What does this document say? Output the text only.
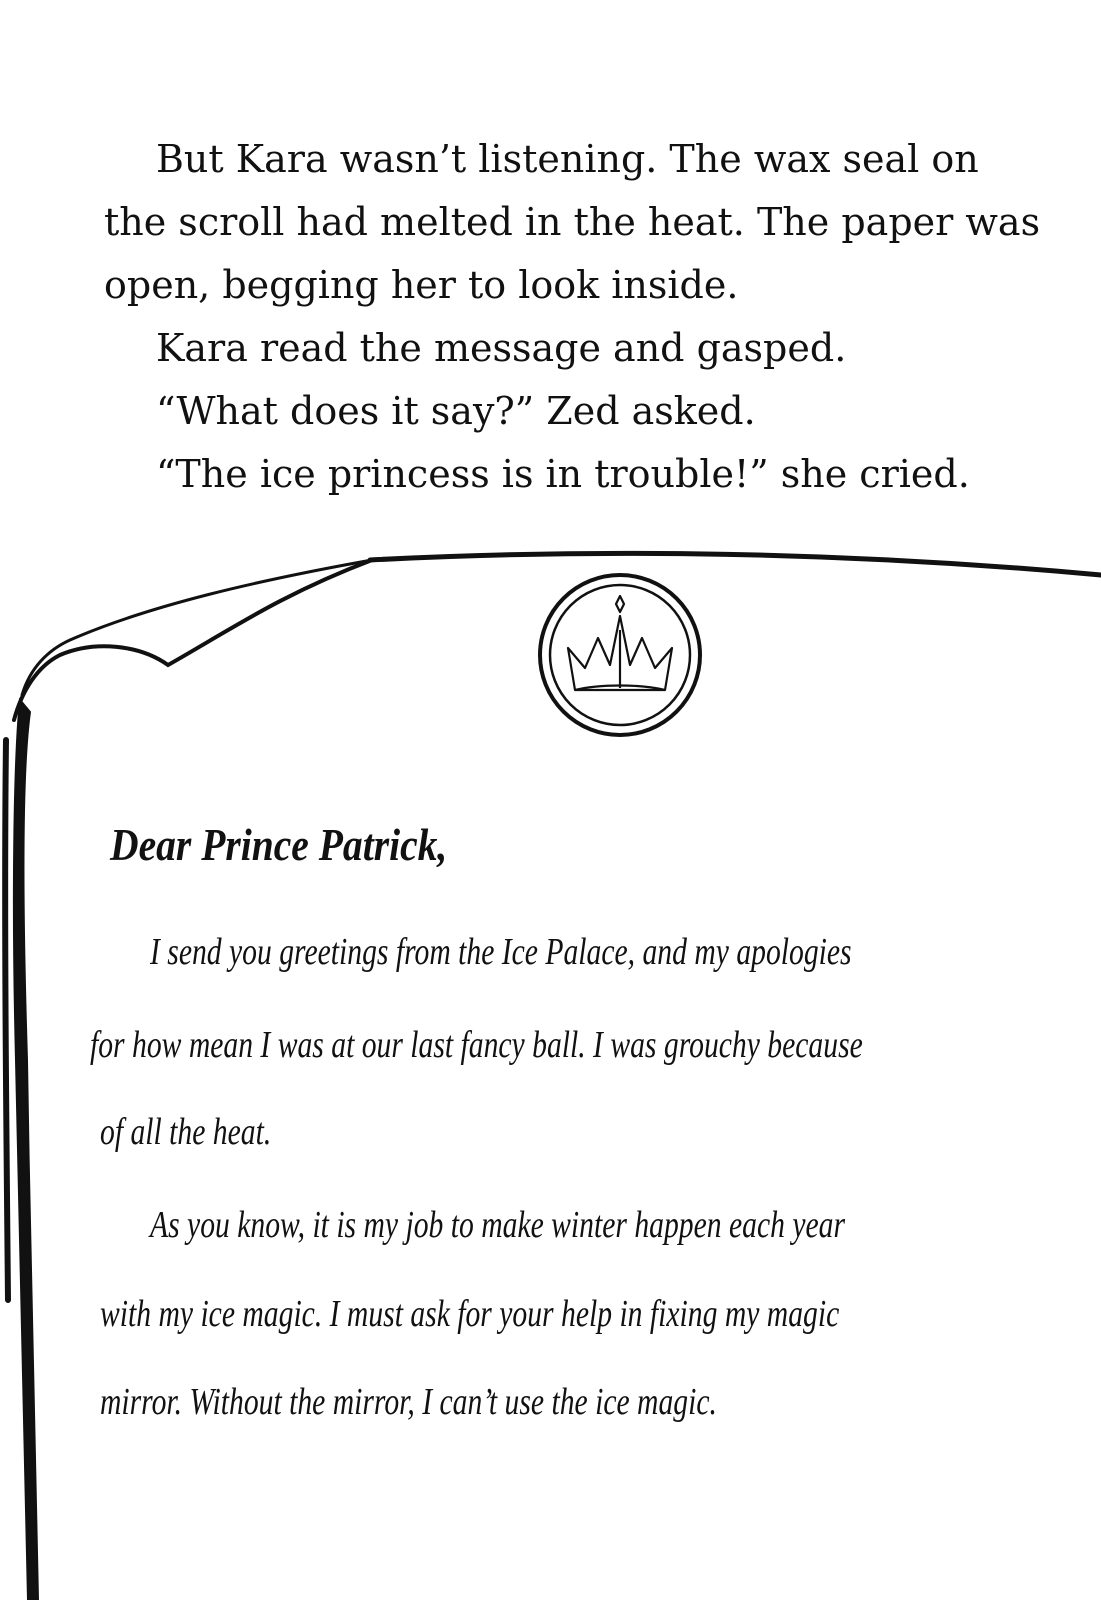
But Kara wasn’t listening. The wax seal on

the scroll had melted in the heat. The paper was

open, begging her to look inside.

Kara read the message and gasped.

“What does it say?” Zed asked.

“The ice princess is in trouble!” she cried.

Dear Prince Patrick,
I send you greetings from the Ice Palace, and my apologies
for how mean I was at our last fancy ball. I was grouchy because
of all the heat.
As you know, it is my job to make winter happen each year
with my ice magic. I must ask for your help in fixing my magic
mirror. Without the mirror, I can’t use the ice magic.
